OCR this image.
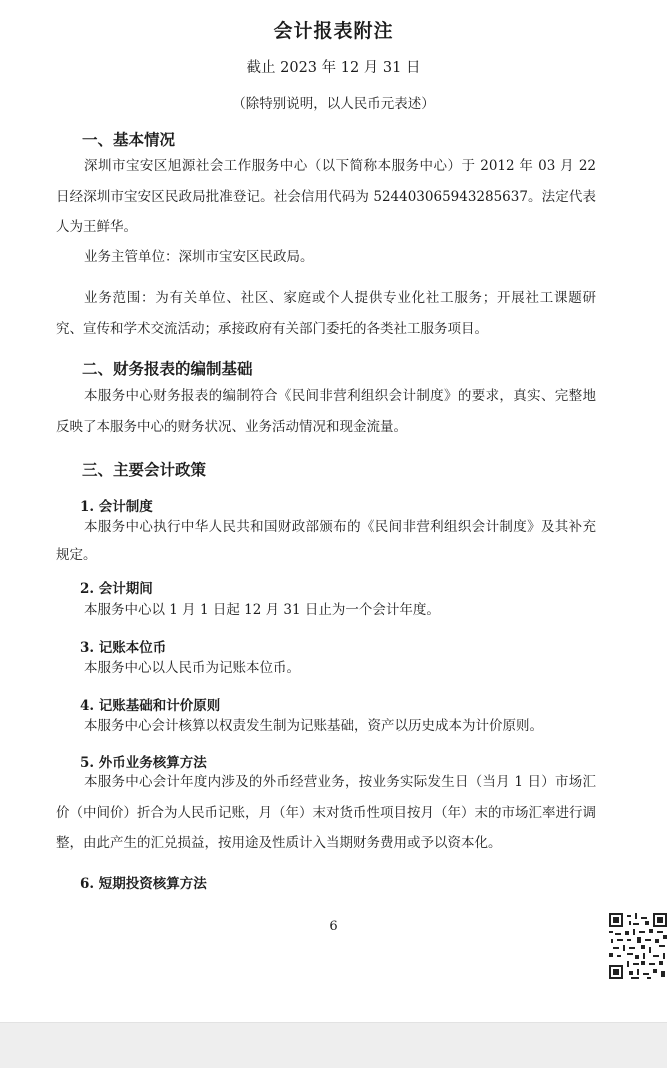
会计报表附注
截止 2023 年 12 月 31 日
（除特别说明，以人民币元表述）
一、基本情况

深圳市宝安区旭源社会工作服务中心（以下简称本服务中心）于 2012 年 03 月 22 日经深圳市宝安区民政局批准登记。社会信用代码为 524403065943285637。法定代表人为王鲜华。

业务主管单位：深圳市宝安区民政局。

业务范围：为有关单位、社区、家庭或个人提供专业化社工服务；开展社工课题研究、宣传和学术交流活动；承接政府有关部门委托的各类社工服务项目。

二、财务报表的编制基础

本服务中心财务报表的编制符合《民间非营利组织会计制度》的要求，真实、完整地反映了本服务中心的财务状况、业务活动情况和现金流量。

三、主要会计政策
1. 会计制度

本服务中心执行中华人民共和国财政部颁布的《民间非营利组织会计制度》及其补充规定。

2. 会计期间

本服务中心以 1 月 1 日起 12 月 31 日止为一个会计年度。

3. 记账本位币

本服务中心以人民币为记账本位币。

4. 记账基础和计价原则

本服务中心会计核算以权责发生制为记账基础，资产以历史成本为计价原则。

5. 外币业务核算方法

本服务中心会计年度内涉及的外币经营业务，按业务实际发生日（当月 1 日）市场汇价（中间价）折合为人民币记账，月（年）末对货币性项目按月（年）末的市场汇率进行调整，由此产生的汇兑损益，按用途及性质计入当期财务费用或予以资本化。

6. 短期投资核算方法
6
